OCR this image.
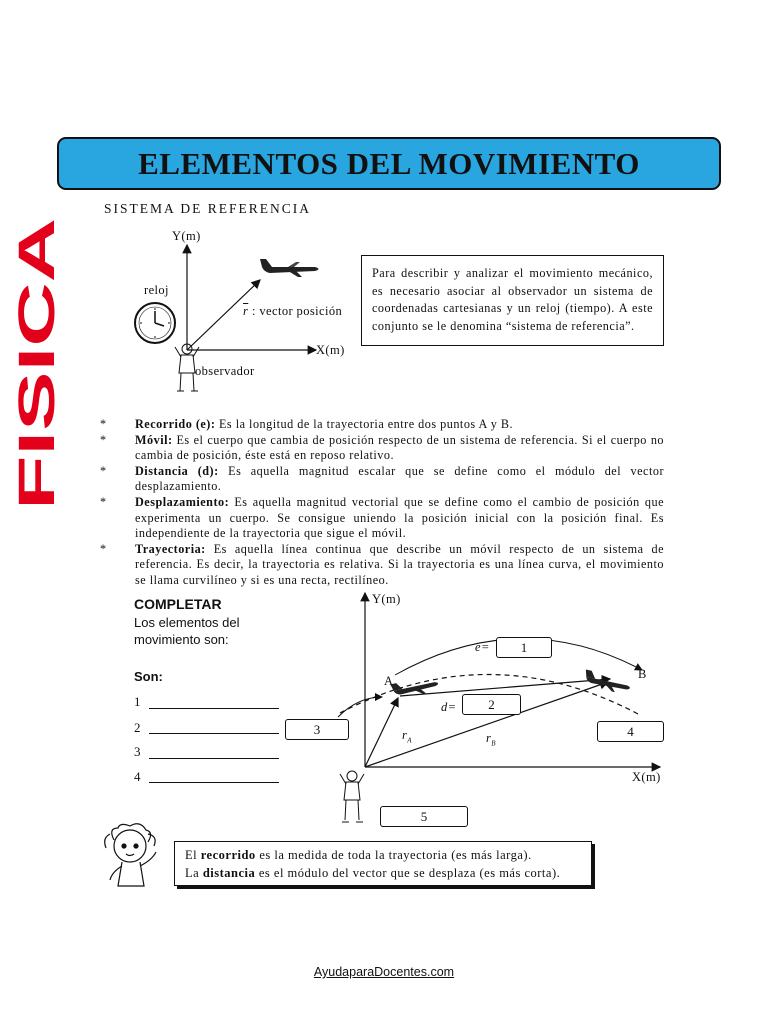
FISICA
ELEMENTOS DEL MOVIMIENTO
SISTEMA DE REFERENCIA
Y(m)
X(m)
reloj
$\overline{r}$ : vector posición
observador
Para describir y analizar el movimiento mecánico, es necesario asociar al observador un sistema de coordenadas cartesianas y un reloj (tiempo). A este conjunto se le denomina “sistema de referencia”.
* Recorrido (e): Es la longitud de la trayectoria entre dos puntos A y B.
* Móvil: Es el cuerpo que cambia de posición respecto de un sistema de referencia. Si el cuerpo no cambia de posición, éste está en reposo relativo.
* Distancia (d): Es aquella magnitud escalar que se define como el módulo del vector desplazamiento.
* Desplazamiento: Es aquella magnitud vectorial que se define como el cambio de posición que experimenta un cuerpo. Se consigue uniendo la posición inicial con la posición final. Es independiente de la trayectoria que sigue el móvil.
* Trayectoria: Es aquella línea continua que describe un móvil respecto de un sistema de referencia. Es decir, la trayectoria es relativa. Si la trayectoria es una línea curva, el movimiento se llama curvilíneo y si es una recta, rectilíneo.
COMPLETAR
Los elementos del movimiento son:
Son:
1
2
3
4
Y(m)
X(m)
A	B
e=
d=
$r_A$	$r_B$
1
2
3	4
5
El recorrido es la medida de toda la trayectoria (es más larga).
La distancia es el módulo del vector que se desplaza (es más corta).
AyudaparaDocentes.com
